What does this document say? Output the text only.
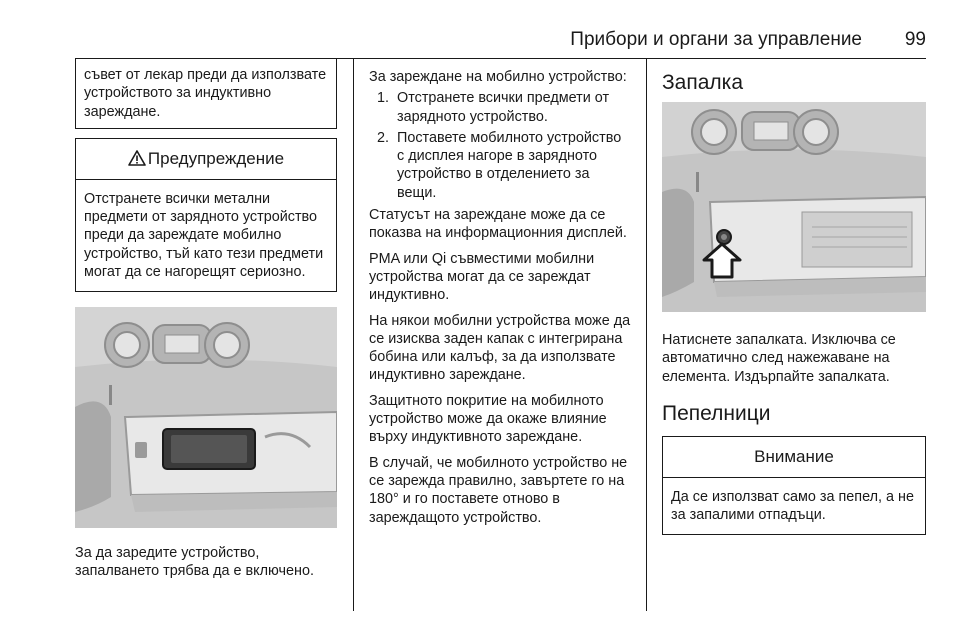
Прибори и органи за управление 99

съвет от лекар преди да използвате устройството за индуктивно зареждане.

Предупреждение
Отстранете всички метални предмети от зарядното устройство преди да зареждате мобилно устройство, тъй като тези предмети могат да се нагорещят сериозно.

За да заредите устройство, запалването трябва да е включено.

За зареждане на мобилно устройство:

1. Отстранете всички предмети от зарядното устройство.
2. Поставете мобилното устройство с дисплея нагоре в зарядното устройство в отделението за вещи.

Статусът на зареждане може да се показва на информационния дисплей.

PMA или Qi съвместими мобилни устройства могат да се зареждат индуктивно.

На някои мобилни устройства може да се изисква заден капак с интегрирана бобина или калъф, за да използвате индуктивно зареждане.

Защитното покритие на мобилното устройство може да окаже влияние върху индуктивното зареждане.

В случай, че мобилното устройство не се зарежда правилно, завъртете го на 180° и го поставете отново в зареждащото устройство.

Запалка

Натиснете запалката. Изключва се автоматично след нажежаване на елемента. Издърпайте запалката.

Пепелници
Внимание
Да се използват само за пепел, а не за запалими отпадъци.
